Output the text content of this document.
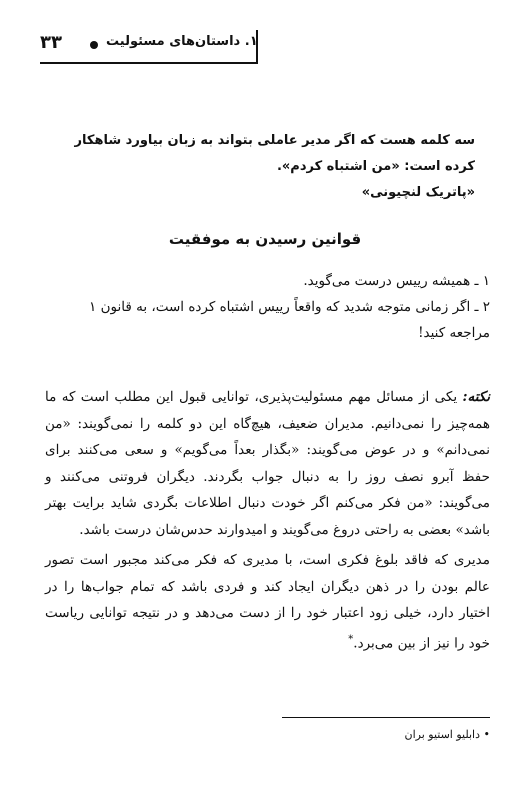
۳۳	۱. داستان‌های مسئولیت
سه کلمه هست که اگر مدیر عاملی بتواند به زبان بیاورد شاهکار کرده است: «من اشتباه کردم».
«پاتریک لنچیونی»
قوانین رسیدن به موفقیت
۱ ـ همیشه رییس درست می‌گوید.
۲ ـ اگر زمانی متوجه شدید که واقعاً رییس اشتباه کرده است، به قانون ۱ مراجعه کنید!

نکته: یکی از مسائل مهم مسئولیت‌پذیری، توانایی قبول این مطلب است که ما همه‌چیز را نمی‌دانیم. مدیران ضعیف، هیچ‌گاه این دو کلمه را نمی‌گویند: «من نمی‌دانم» و در عوض می‌گویند: «بگذار بعداً می‌گویم» و سعی می‌کنند برای حفظ آبرو نصف روز را به دنبال جواب بگردند. دیگران فروتنی می‌کنند و می‌گویند: «من فکر می‌کنم اگر خودت دنبال اطلاعات بگردی شاید برایت بهتر باشد» بعضی به راحتی دروغ می‌گویند و امیدوارند حدس‌شان درست باشد.

مدیری که فاقد بلوغ فکری است، با مدیری که فکر می‌کند مجبور است تصور عالم بودن را در ذهن دیگران ایجاد کند و فردی باشد که تمام جواب‌ها را در اختیار دارد، خیلی زود اعتبار خود را از دست می‌دهد و در نتیجه توانایی ریاست خود را نیز از بین می‌برد.*

• دابلیو استیو بران
